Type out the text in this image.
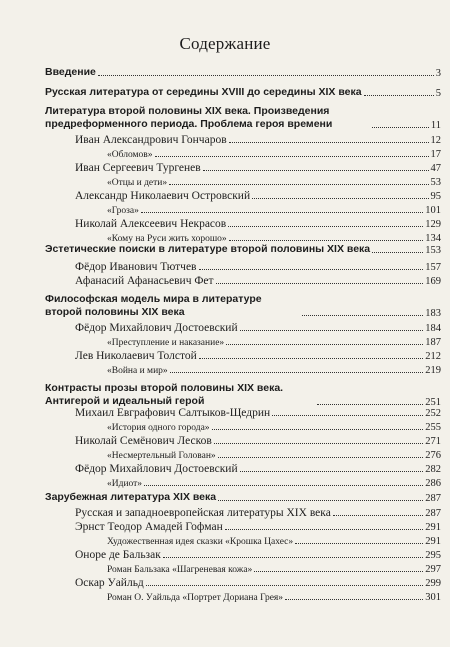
Содержание
Введение	3
Русская литература от середины XVIII до середины XIX века	5
Литература второй половины XIX века. Произведения предреформенного периода. Проблема героя времени	11
Иван Александрович Гончаров	12
«Обломов»	17
Иван Сергеевич Тургенев	47
«Отцы и дети»	53
Александр Николаевич Островский	95
«Гроза»	101
Николай Алексеевич Некрасов	129
«Кому на Руси жить хорошо»	134
Эстетические поиски в литературе второй половины XIX века	153
Фёдор Иванович Тютчев	157
Афанасий Афанасьевич Фет	169
Философская модель мира в литературе второй половины XIX века	183
Фёдор Михайлович Достоевский	184
«Преступление и наказание»	187
Лев Николаевич Толстой	212
«Война и мир»	219
Контрасты прозы второй половины XIX века. Антигерой и идеальный герой	251
Михаил Евграфович Салтыков-Щедрин	252
«История одного города»	255
Николай Семёнович Лесков	271
«Несмертельный Голован»	276
Фёдор Михайлович Достоевский	282
«Идиот»	286
Зарубежная литература XIX века	287
Русская и западноевропейская литературы XIX века	287
Эрнст Теодор Амадей Гофман	291
Художественная идея сказки «Крошка Цахес»	291
Оноре де Бальзак	295
Роман Бальзака «Шагреневая кожа»	297
Оскар Уайльд	299
Роман О. Уайльда «Портрет Дориана Грея»	301
